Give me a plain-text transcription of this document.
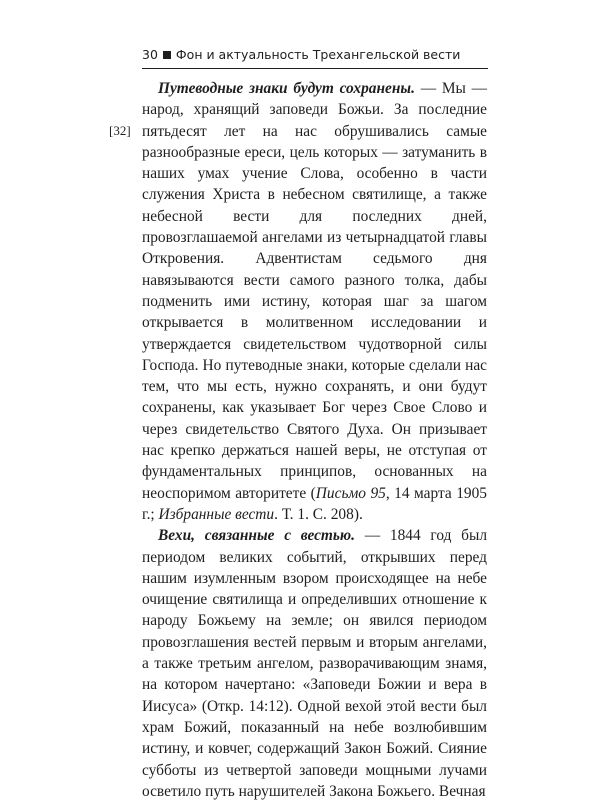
30 Фон и актуальность Трехангельской вести
[32]

Путеводные знаки будут сохранены. — Мы — народ, хранящий заповеди Божьи. За последние пятьдесят лет на нас обрушивались самые разнообразные ереси, цель которых — затуманить в наших умах учение Слова, особенно в части служения Христа в небесном святилище, а также небесной вести для последних дней, провозглашаемой ангелами из четырнадцатой главы Откровения. Адвентистам седьмого дня навязываются вести самого разного толка, дабы подменить ими истину, которая шаг за шагом открывается в молитвенном исследовании и утверждается свидетельством чудотворной силы Господа. Но путеводные знаки, которые сделали нас тем, что мы есть, нужно сохранять, и они будут сохранены, как указывает Бог через Свое Слово и через свидетельство Святого Духа. Он призывает нас крепко держаться нашей веры, не отступая от фундаментальных принципов, основанных на неоспоримом авторитете (Письмо 95, 14 марта 1905 г.; Избранные вести. Т. 1. С. 208).

Вехи, связанные с вестью. — 1844 год был периодом великих событий, открывших перед нашим изумленным взором происходящее на небе очищение святилища и определивших отношение к народу Божьему на земле; он явился периодом провозглашения вестей первым и вторым ангелами, а также третьим ангелом, разворачивающим знамя, на котором начертано: «Заповеди Божии и вера в Иисуса» (Откр. 14:12). Одной вехой этой вести был храм Божий, показанный на небе возлюбившим истину, и ковчег, содержащий Закон Божий. Сияние субботы из четвертой заповеди мощными лучами осветило путь нарушителей Закона Божьего. Вечная
